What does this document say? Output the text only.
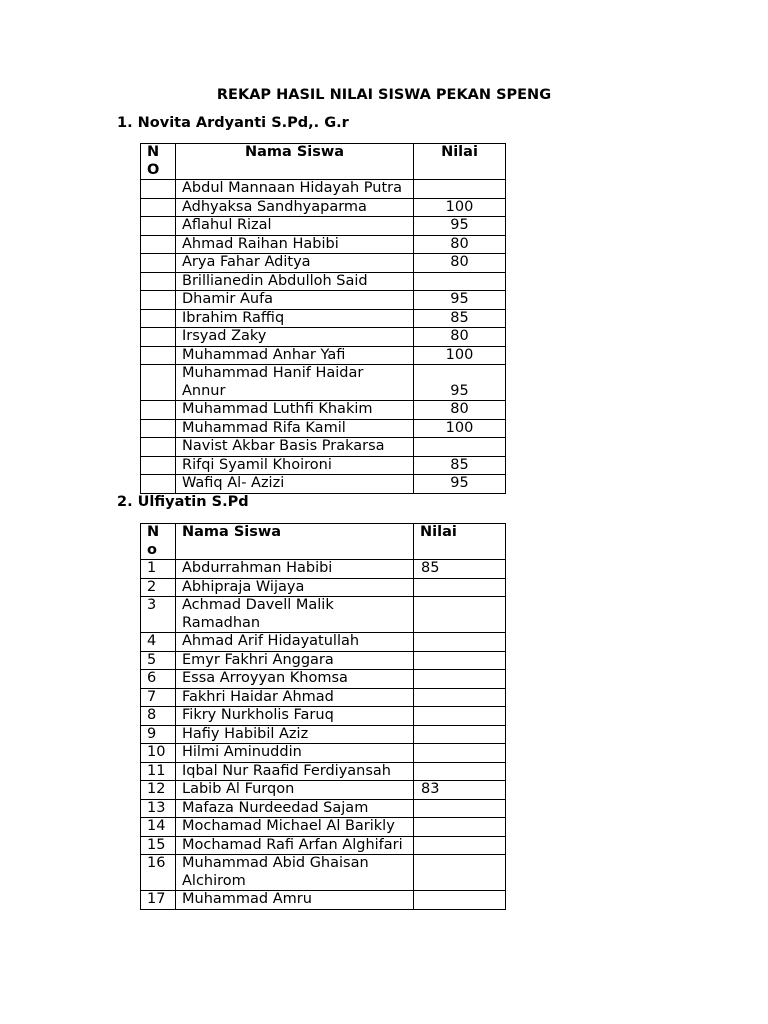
REKAP HASIL NILAI SISWA PEKAN SPENG
1. Novita Ardyanti S.Pd,. G.r
N O	Nama Siswa	Nilai
	Abdul Mannaan Hidayah Putra	
	Adhyaksa Sandhyaparma	100
	Aflahul Rizal	95
	Ahmad Raihan Habibi	80
	Arya Fahar Aditya	80
	Brillianedin Abdulloh Said	
	Dhamir Aufa	95
	Ibrahim Raffiq	85
	Irsyad Zaky	80
	Muhammad Anhar Yafi	100
	Muhammad Hanif Haidar Annur	95
	Muhammad Luthfi Khakim	80
	Muhammad Rifa Kamil	100
	Navist Akbar Basis Prakarsa	
	Rifqi Syamil Khoironi	85
	Wafiq Al- Azizi	95
2. Ulfiyatin S.Pd
N o	Nama Siswa	Nilai
1	Abdurrahman Habibi	85
2	Abhipraja Wijaya	
3	Achmad Davell Malik Ramadhan	
4	Ahmad Arif Hidayatullah	
5	Emyr Fakhri Anggara	
6	Essa Arroyyan Khomsa	
7	Fakhri Haidar Ahmad	
8	Fikry Nurkholis Faruq	
9	Hafiy Habibil Aziz	
10	Hilmi Aminuddin	
11	Iqbal Nur Raafid Ferdiyansah	
12	Labib Al Furqon	83
13	Mafaza Nurdeedad Sajam	
14	Mochamad Michael Al Barikly	
15	Mochamad Rafi Arfan Alghifari	
16	Muhammad Abid Ghaisan Alchirom	
17	Muhammad Amru	
